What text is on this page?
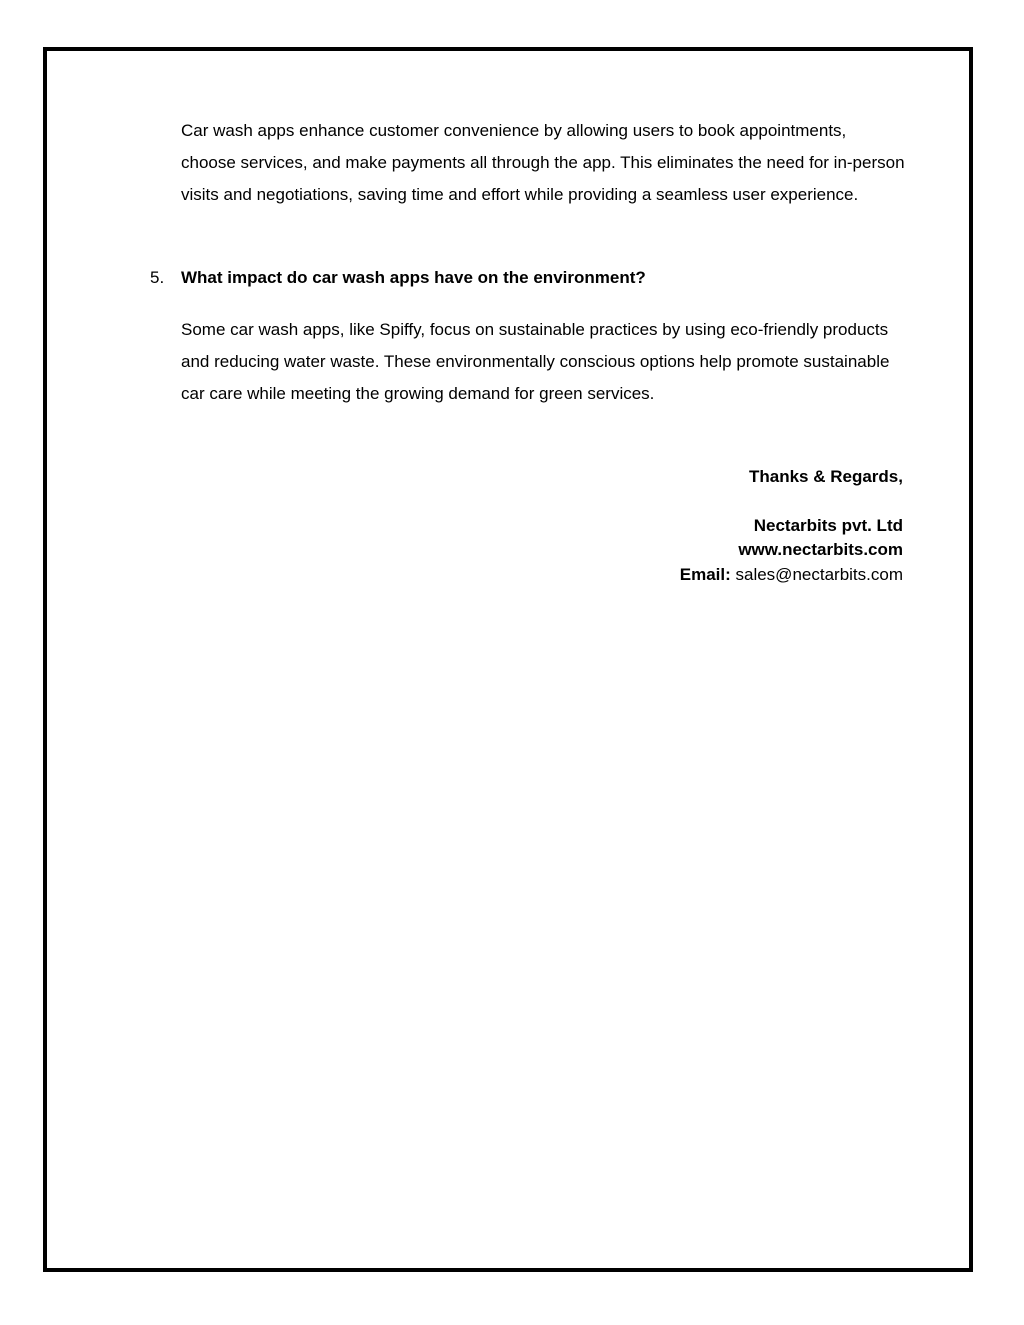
Car wash apps enhance customer convenience by allowing users to book appointments, choose services, and make payments all through the app. This eliminates the need for in-person visits and negotiations, saving time and effort while providing a seamless user experience.

5. What impact do car wash apps have on the environment?

Some car wash apps, like Spiffy, focus on sustainable practices by using eco-friendly products and reducing water waste. These environmentally conscious options help promote sustainable car care while meeting the growing demand for green services.

Thanks & Regards,
Nectarbits pvt. Ltd
www.nectarbits.com
Email: sales@nectarbits.com
